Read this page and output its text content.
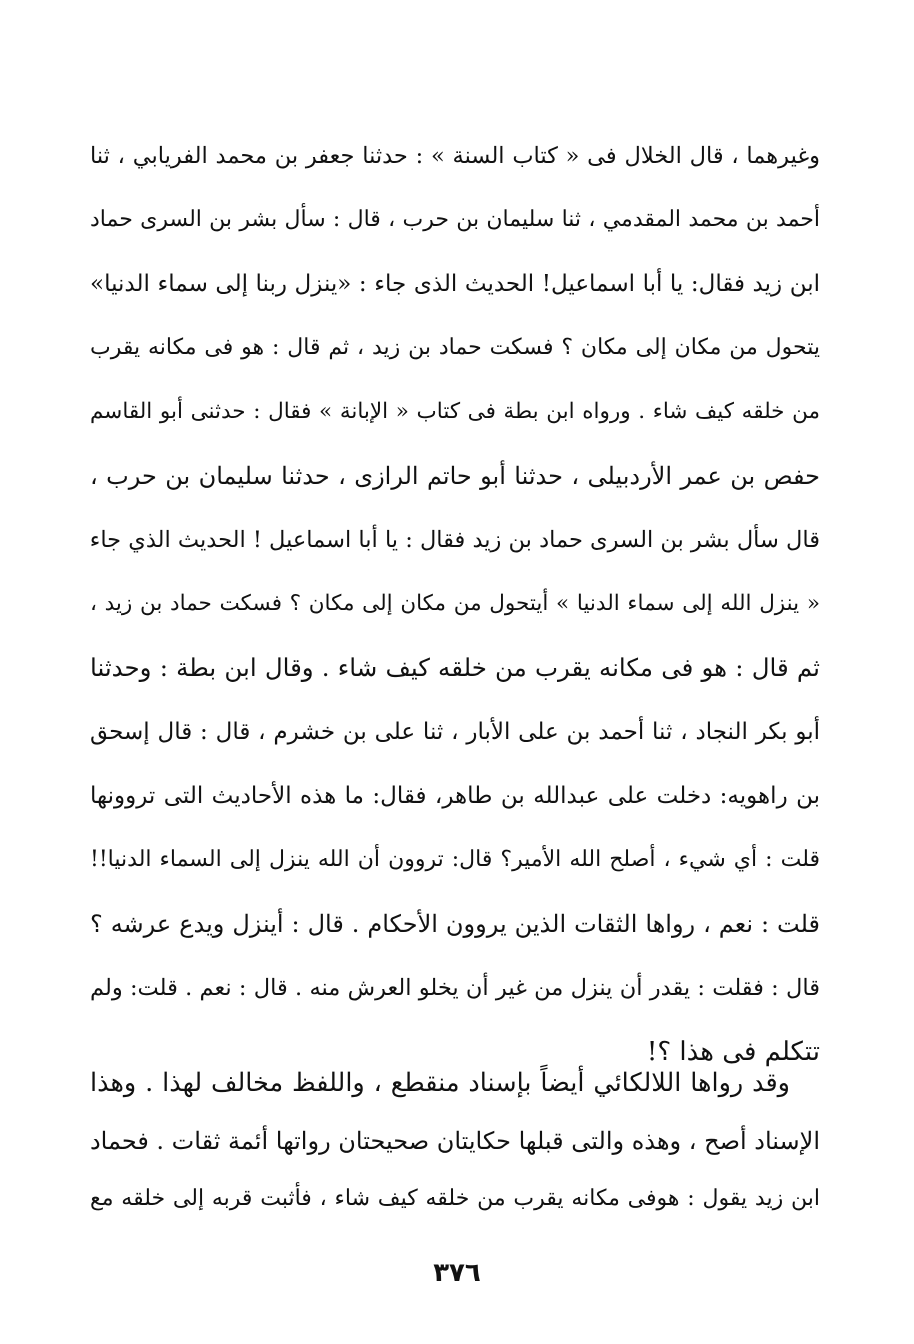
وغيرهما ، قال الخلال فى « كتاب السنة » : حدثنا جعفر بن محمد الفريابي ، ثنا
أحمد بن محمد المقدمي ، ثنا سليمان بن حرب ، قال : سأل بشر بن السرى حماد
ابن زيد فقال: يا أبا اسماعيل! الحديث الذى جاء : «ينزل ربنا إلى سماء الدنيا»
يتحول من مكان إلى مكان ؟ فسكت حماد بن زيد ، ثم قال : هو فى مكانه يقرب
من خلقه كيف شاء . ورواه ابن بطة فى كتاب « الإبانة » فقال : حدثنى أبو القاسم
حفص بن عمر الأردبيلى ، حدثنا أبو حاتم الرازى ، حدثنا سليمان بن حرب ،
قال سأل بشر بن السرى حماد بن زيد فقال : يا أبا اسماعيل ! الحديث الذي جاء
« ينزل الله إلى سماء الدنيا » أيتحول من مكان إلى مكان ؟ فسكت حماد بن زيد ،
ثم قال : هو فى مكانه يقرب من خلقه كيف شاء . وقال ابن بطة : وحدثنا
أبو بكر النجاد ، ثنا أحمد بن على الأبار ، ثنا على بن خشرم ، قال : قال إسحق
بن راهويه: دخلت على عبدالله بن طاهر، فقال: ما هذه الأحاديث التى تروونها
قلت : أي شيء ، أصلح الله الأمير؟ قال: تروون أن الله ينزل إلى السماء الدنيا!!
قلت : نعم ، رواها الثقات الذين يروون الأحكام . قال : أينزل ويدع عرشه ؟
قال : فقلت : يقدر أن ينزل من غير أن يخلو العرش منه . قال : نعم . قلت: ولم
تتكلم فى هذا ؟!
وقد رواها اللالكائي أيضاً بإسناد منقطع ، واللفظ مخالف لهذا . وهذا
الإسناد أصح ، وهذه والتى قبلها حكايتان صحيحتان رواتها أئمة ثقات . فحماد
ابن زيد يقول : هوفى مكانه يقرب من خلقه كيف شاء ، فأثبت قربه إلى خلقه مع
٣٧٦
